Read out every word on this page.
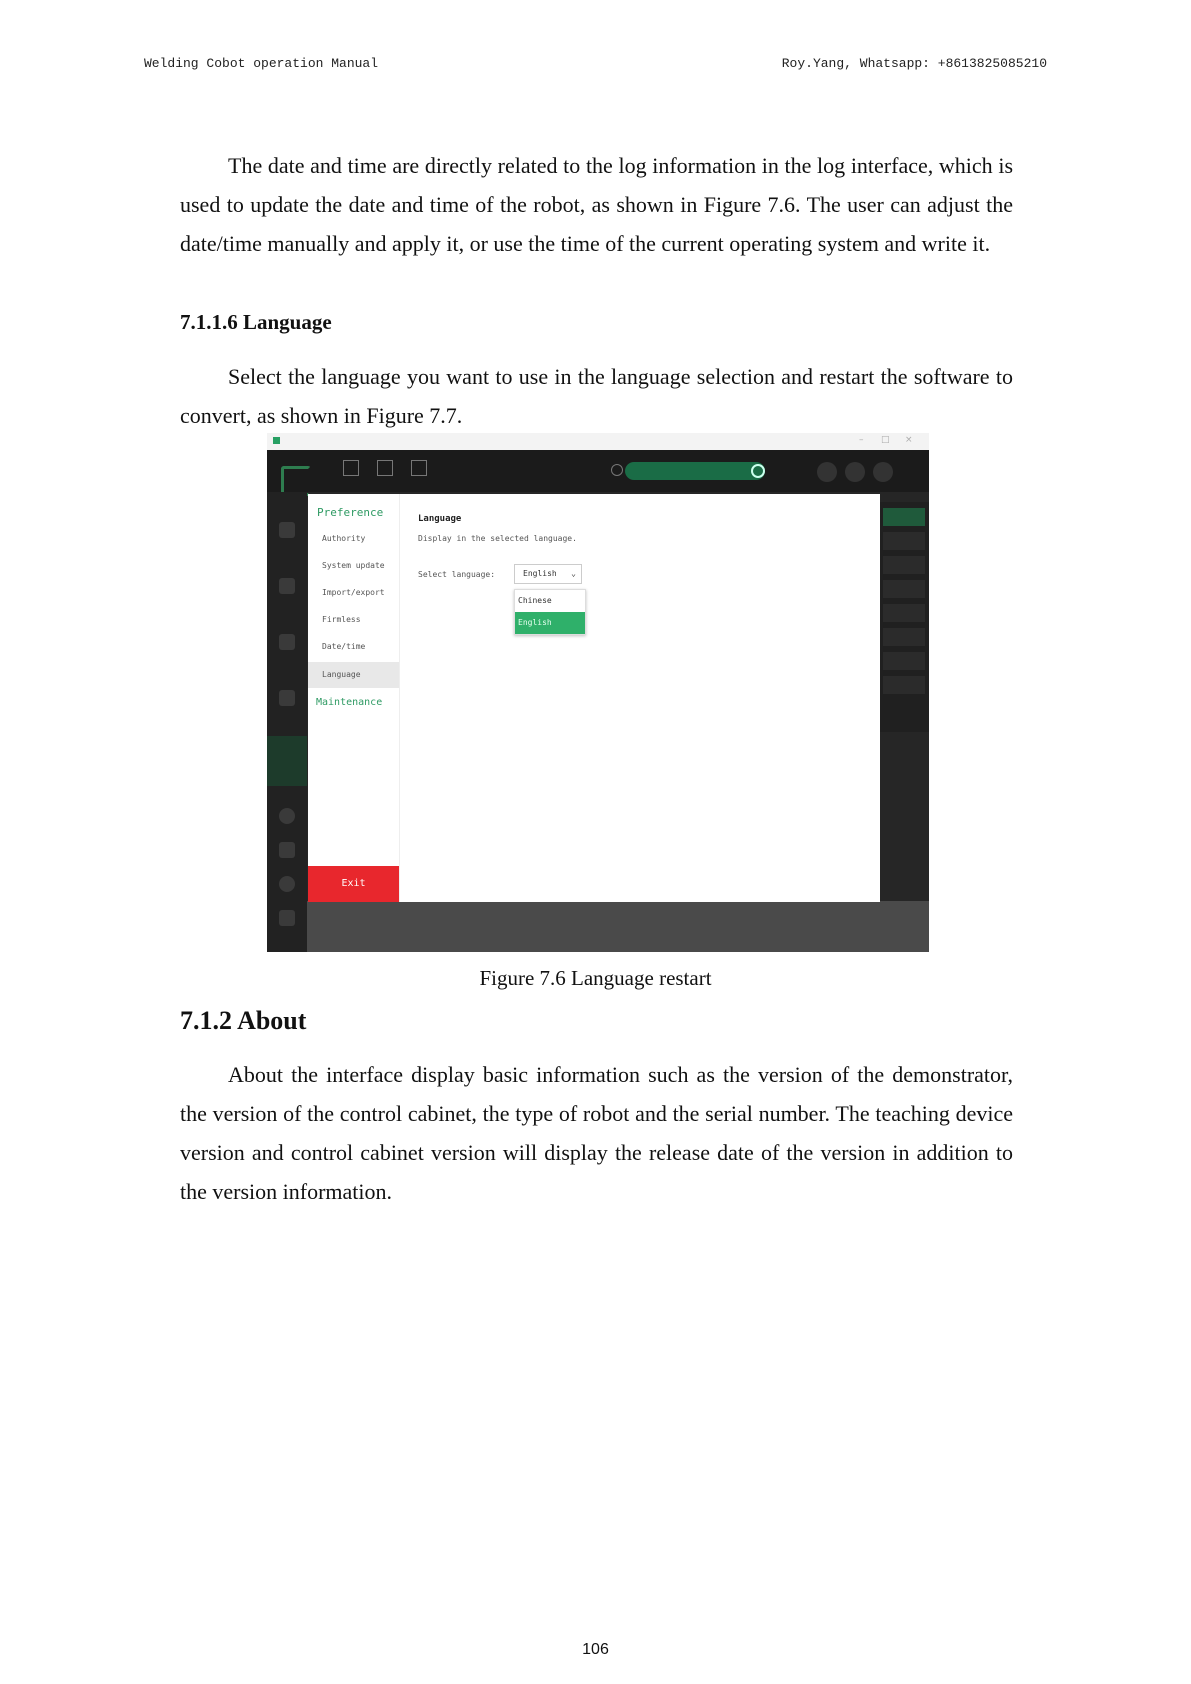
Welding Cobot operation Manual	Roy.Yang, Whatsapp: +8613825085210
The date and time are directly related to the log information in the log interface, which is used to update the date and time of the robot, as shown in Figure 7.6. The user can adjust the date/time manually and apply it, or use the time of the current operating system and write it.
7.1.1.6 Language
Select the language you want to use in the language selection and restart the software to convert, as shown in Figure 7.7.
– □ ×
Preference
Authority
System update
Import/export
Firmless
Date/time
Language
Maintenance
Exit
Language
Display in the selected language.
Select language:	English ⌄
Chinese
English
Figure 7.6 Language restart
7.1.2 About
About the interface display basic information such as the version of the demonstrator, the version of the control cabinet, the type of robot and the serial number. The teaching device version and control cabinet version will display the release date of the version in addition to the version information.
106
